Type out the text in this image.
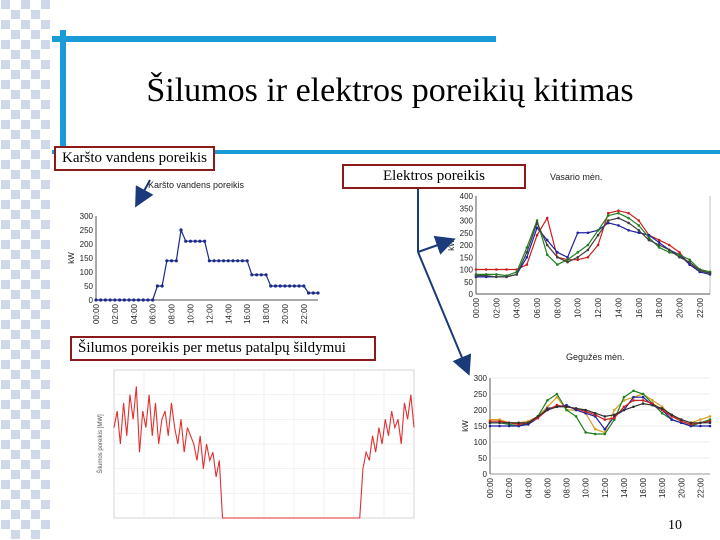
Šilumos ir elektros poreikių kitimas
0
50
100
150
200
250
300
00:00 02:00 04:00 06:00 08:00 10:00 12:00 14:00 16:00 18:00 20:00 22:00
kW
0
50
100
150
200
250
300
350
400
00:00 02:00 04:00 06:00 08:00 10:00 12:00 14:00 16:00 18:00 20:00 22:00
kW
0
50
100
150
200
250
300
00:00 02:00 04:00 06:00 08:00 10:00 12:00 14:00 16:00 18:00 20:00 22:00
kW
Šilumos poreikis [MW]
Karšto vandens poreikis
Elektros poreikis
Šilumos poreikis per metus patalpų šildymui
Karšto vandens poreikis
Vasario mėn.
Gegužės mėn.
10
